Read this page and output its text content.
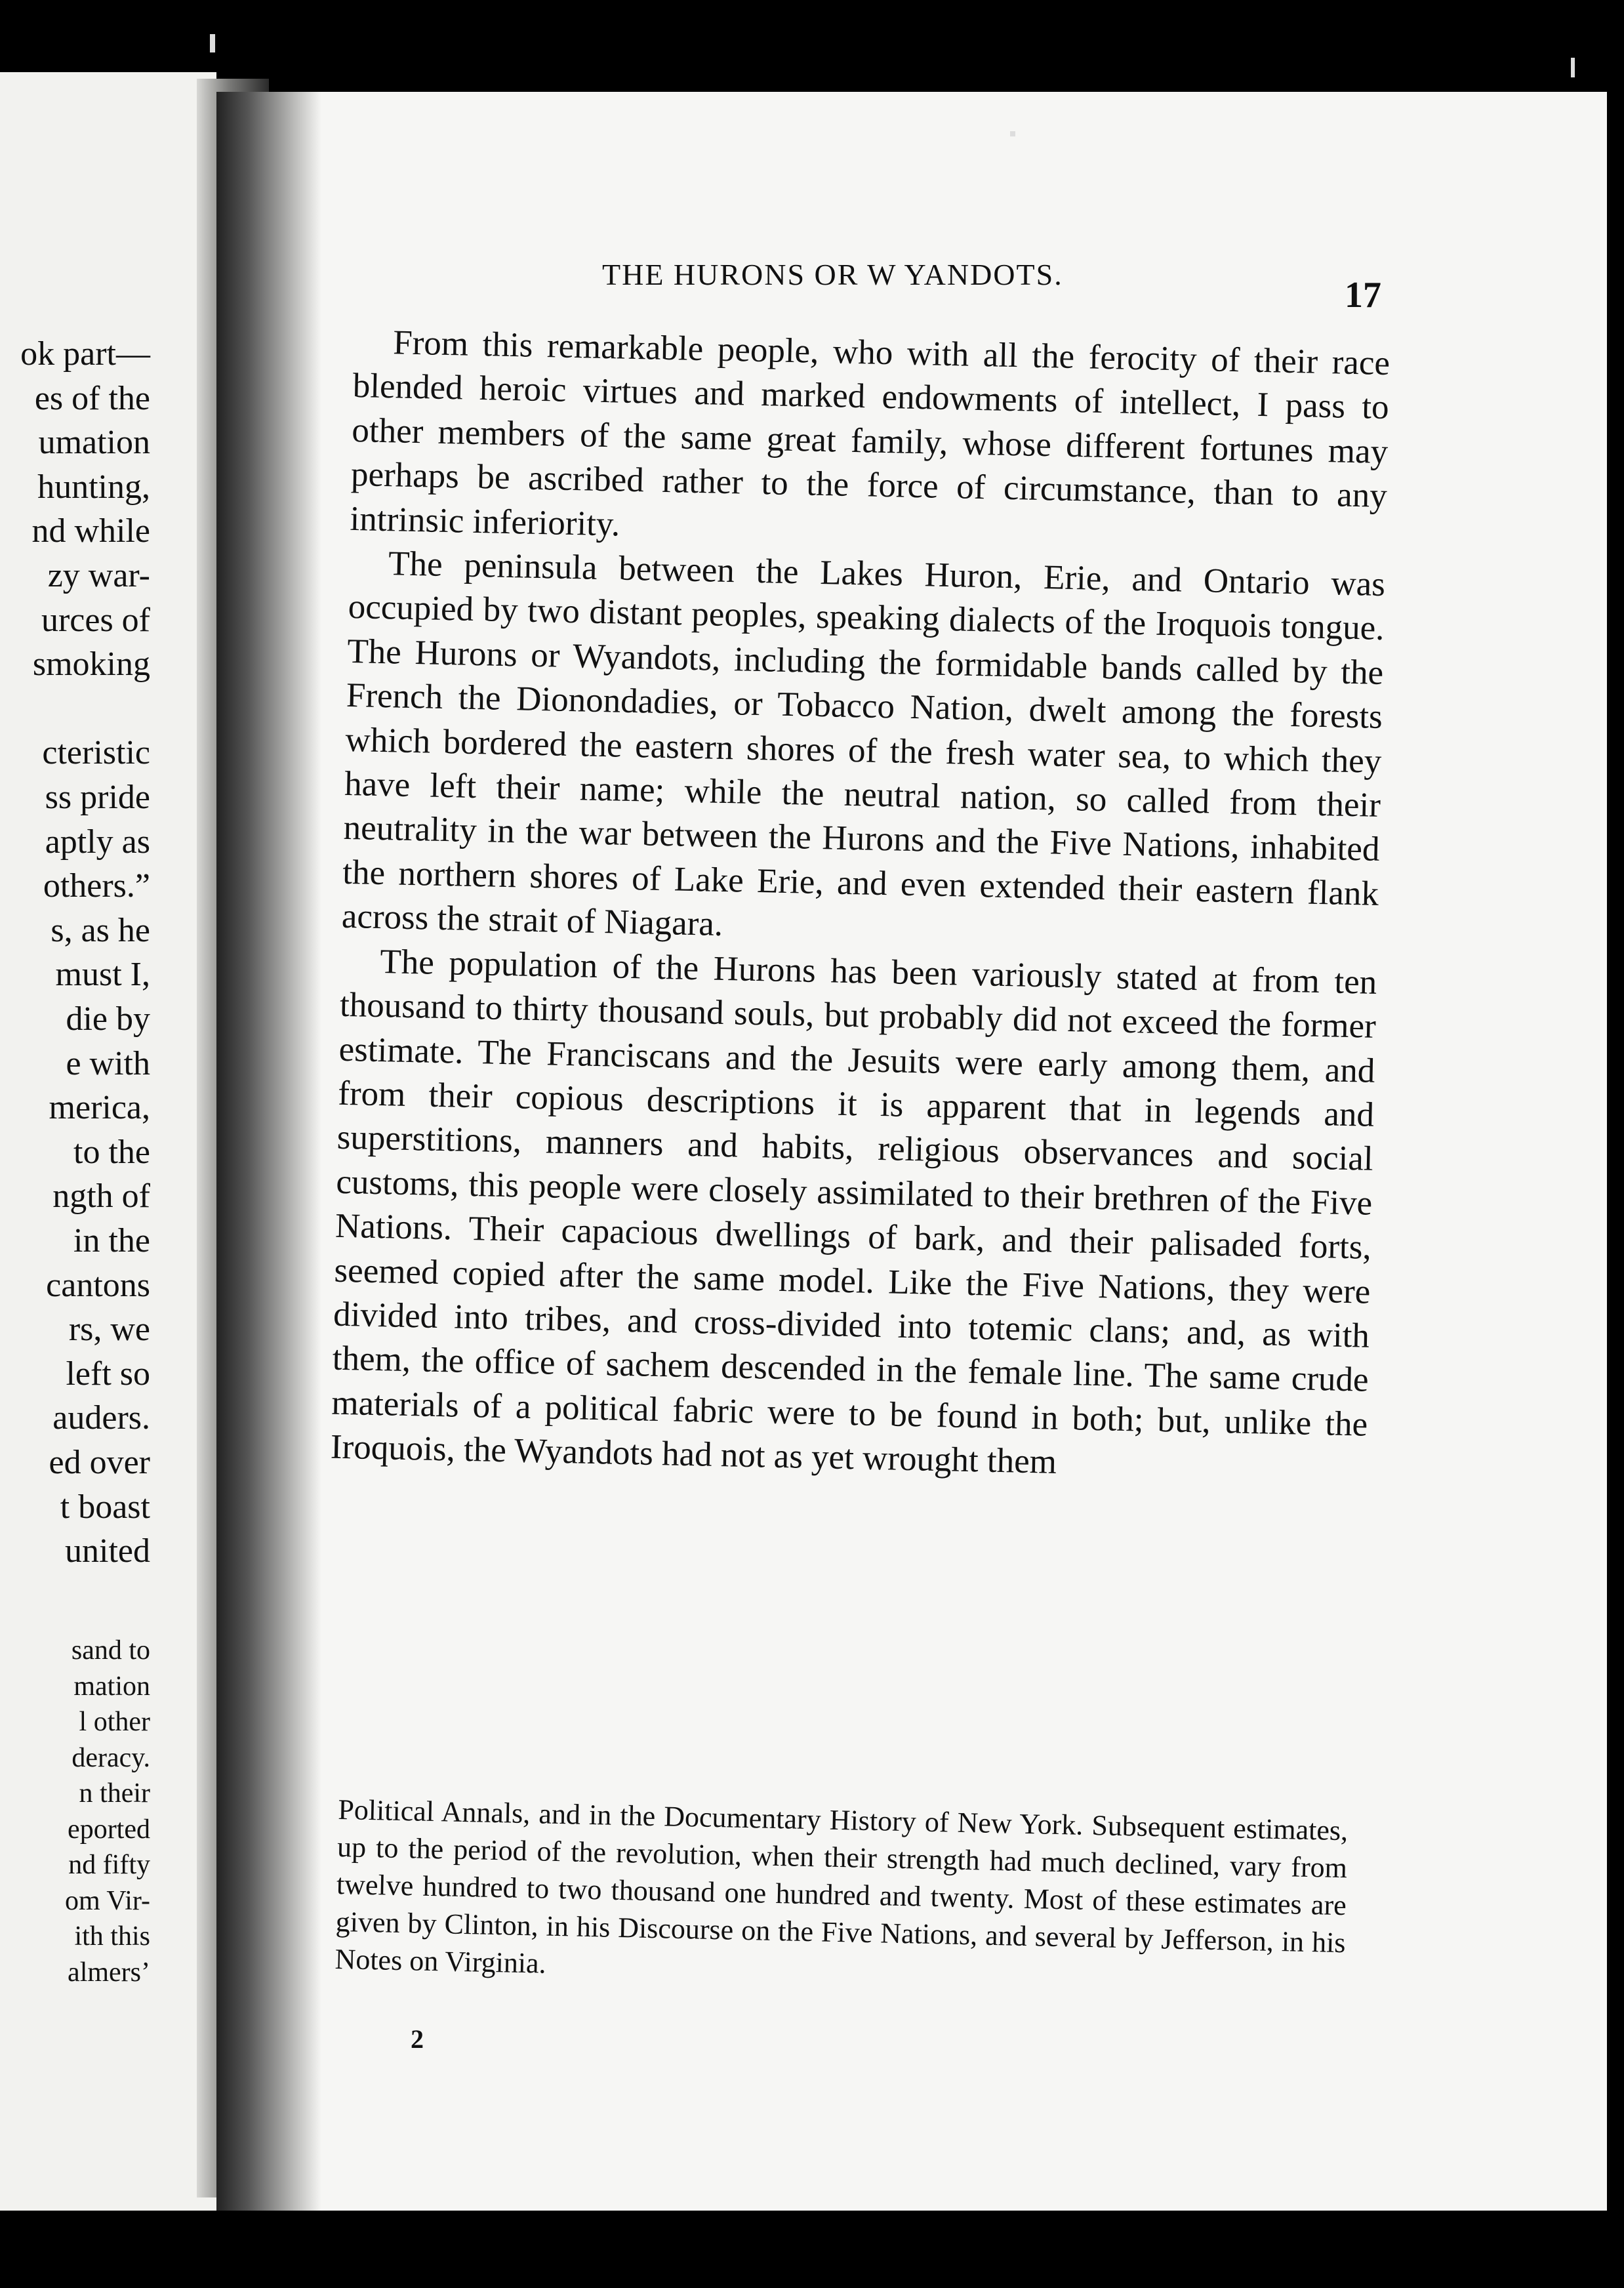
ok part—
es of the
umation
hunting,
nd while
zy war-
urces of
smoking
cteristic
ss pride
aptly as
others.”
s, as he
must I,
die by
e with
merica,
to the
ngth of
in the
cantons
rs, we
left so
auders.
ed over
t boast
united
sand to
mation
l other
deracy.
n their
eported
nd fifty
om Vir-
ith this
almers’
THE HURONS OR W YANDOTS.
17

From this remarkable people, who with all the ferocity of their race blended heroic virtues and marked endowments of intellect, I pass to other members of the same great family, whose different fortunes may perhaps be ascribed rather to the force of circumstance, than to any intrinsic inferiority.

The peninsula between the Lakes Huron, Erie, and Ontario was occupied by two distant peoples, speaking dialects of the Iroquois tongue. The Hurons or Wyandots, including the formidable bands called by the French the Dionondadies, or Tobacco Nation, dwelt among the forests which bordered the eastern shores of the fresh water sea, to which they have left their name; while the neutral nation, so called from their neutrality in the war between the Hurons and the Five Nations, inhabited the northern shores of Lake Erie, and even extended their eastern flank across the strait of Niagara.

The population of the Hurons has been variously stated at from ten thousand to thirty thousand souls, but probably did not exceed the former estimate. The Franciscans and the Jesuits were early among them, and from their copious descriptions it is apparent that in legends and superstitions, manners and habits, religious observances and social customs, this people were closely assimilated to their brethren of the Five Nations. Their capacious dwellings of bark, and their palisaded forts, seemed copied after the same model. Like the Five Nations, they were divided into tribes, and cross-divided into totemic clans; and, as with them, the office of sachem descended in the female line. The same crude materials of a political fabric were to be found in both; but, unlike the Iroquois, the Wyandots had not as yet wrought them

Political Annals, and in the Documentary History of New York. Subsequent estimates, up to the period of the revolution, when their strength had much declined, vary from twelve hundred to two thousand one hundred and twenty. Most of these estimates are given by Clinton, in his Discourse on the Five Nations, and several by Jefferson, in his Notes on Virginia.
2
